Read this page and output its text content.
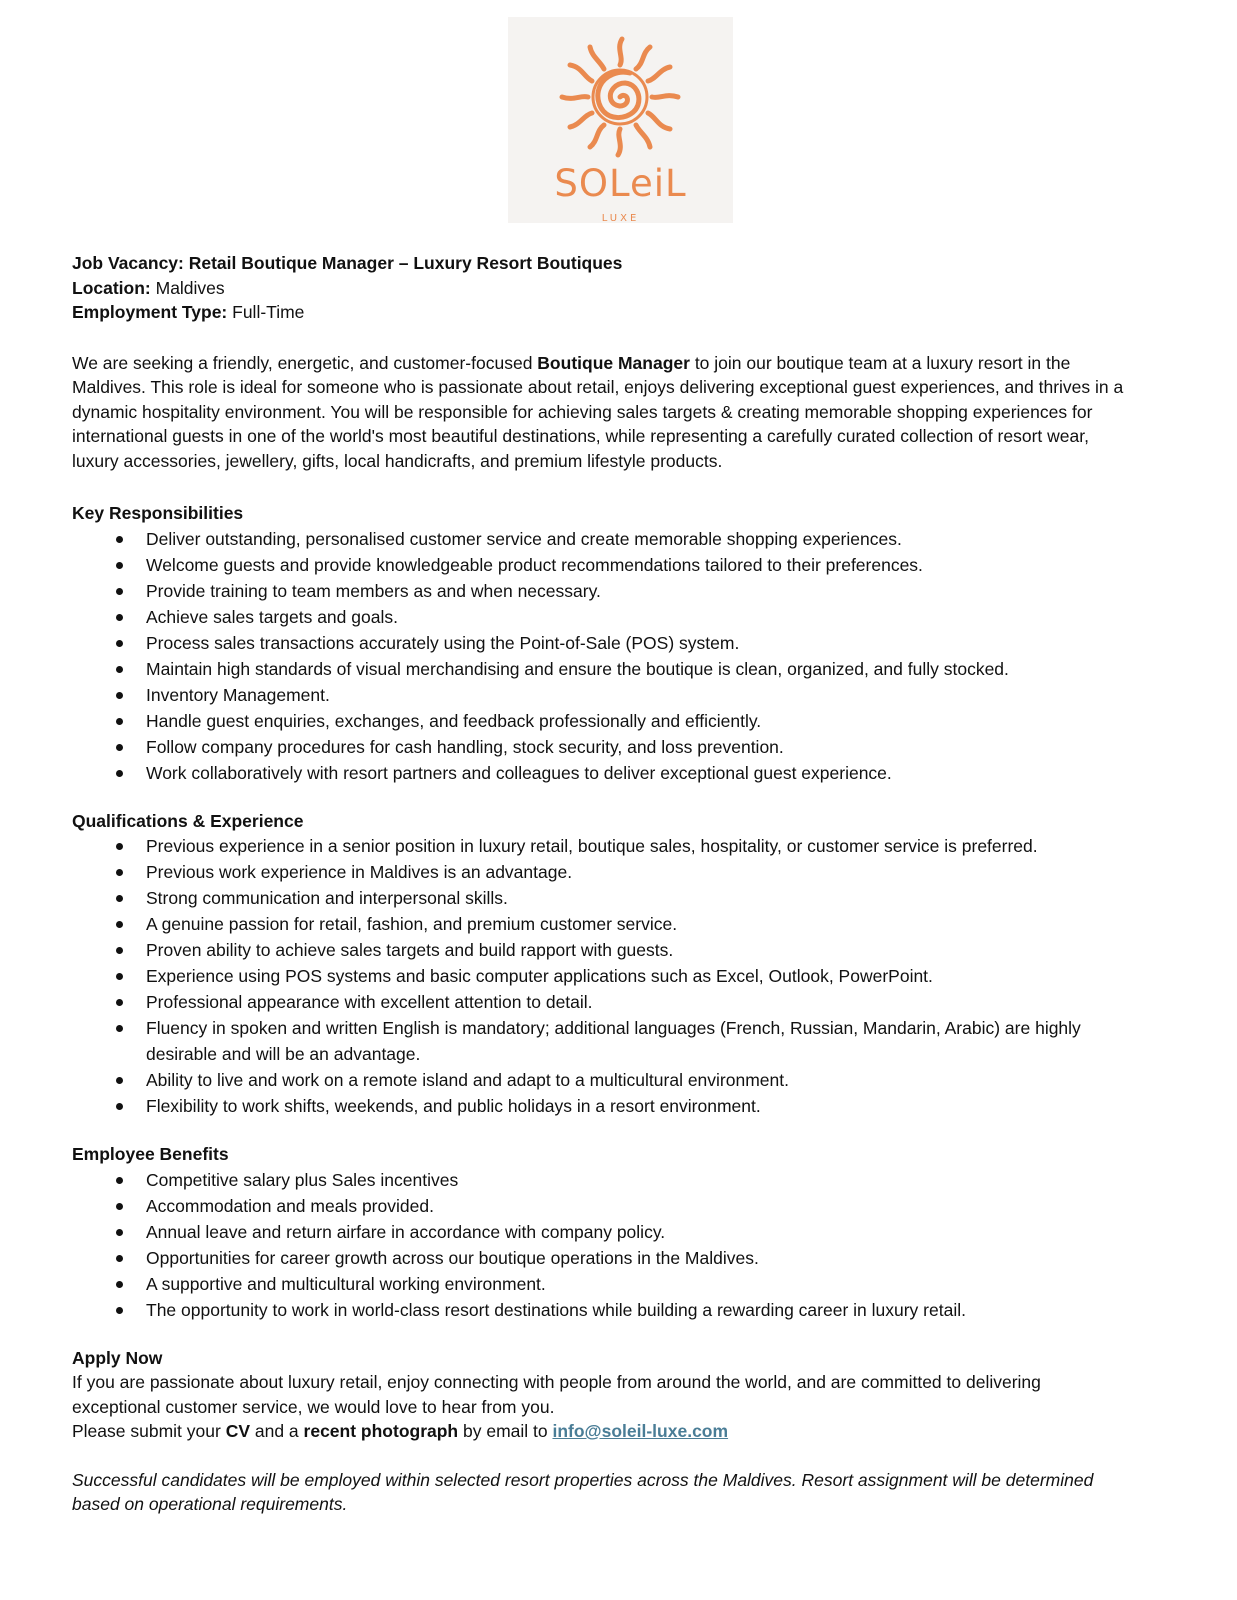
SOLeiL
LUXE
Job Vacancy: Retail Boutique Manager – Luxury Resort Boutiques
Location: Maldives
Employment Type: Full-Time
We are seeking a friendly, energetic, and customer-focused Boutique Manager to join our boutique team at a luxury resort in the
Maldives. This role is ideal for someone who is passionate about retail, enjoys delivering exceptional guest experiences, and thrives in a
dynamic hospitality environment. You will be responsible for achieving sales targets & creating memorable shopping experiences for
international guests in one of the world's most beautiful destinations, while representing a carefully curated collection of resort wear,
luxury accessories, jewellery, gifts, local handicrafts, and premium lifestyle products.
Key Responsibilities
Deliver outstanding, personalised customer service and create memorable shopping experiences.
Welcome guests and provide knowledgeable product recommendations tailored to their preferences.
Provide training to team members as and when necessary.
Achieve sales targets and goals.
Process sales transactions accurately using the Point-of-Sale (POS) system.
Maintain high standards of visual merchandising and ensure the boutique is clean, organized, and fully stocked.
Inventory Management.
Handle guest enquiries, exchanges, and feedback professionally and efficiently.
Follow company procedures for cash handling, stock security, and loss prevention.
Work collaboratively with resort partners and colleagues to deliver exceptional guest experience.
Qualifications & Experience
Previous experience in a senior position in luxury retail, boutique sales, hospitality, or customer service is preferred.
Previous work experience in Maldives is an advantage.
Strong communication and interpersonal skills.
A genuine passion for retail, fashion, and premium customer service.
Proven ability to achieve sales targets and build rapport with guests.
Experience using POS systems and basic computer applications such as Excel, Outlook, PowerPoint.
Professional appearance with excellent attention to detail.
Fluency in spoken and written English is mandatory; additional languages (French, Russian, Mandarin, Arabic) are highly
desirable and will be an advantage.
Ability to live and work on a remote island and adapt to a multicultural environment.
Flexibility to work shifts, weekends, and public holidays in a resort environment.
Employee Benefits
Competitive salary plus Sales incentives
Accommodation and meals provided.
Annual leave and return airfare in accordance with company policy.
Opportunities for career growth across our boutique operations in the Maldives.
A supportive and multicultural working environment.
The opportunity to work in world-class resort destinations while building a rewarding career in luxury retail.
Apply Now
If you are passionate about luxury retail, enjoy connecting with people from around the world, and are committed to delivering
exceptional customer service, we would love to hear from you.
Please submit your CV and a recent photograph by email to info@soleil-luxe.com
Successful candidates will be employed within selected resort properties across the Maldives. Resort assignment will be determined
based on operational requirements.
